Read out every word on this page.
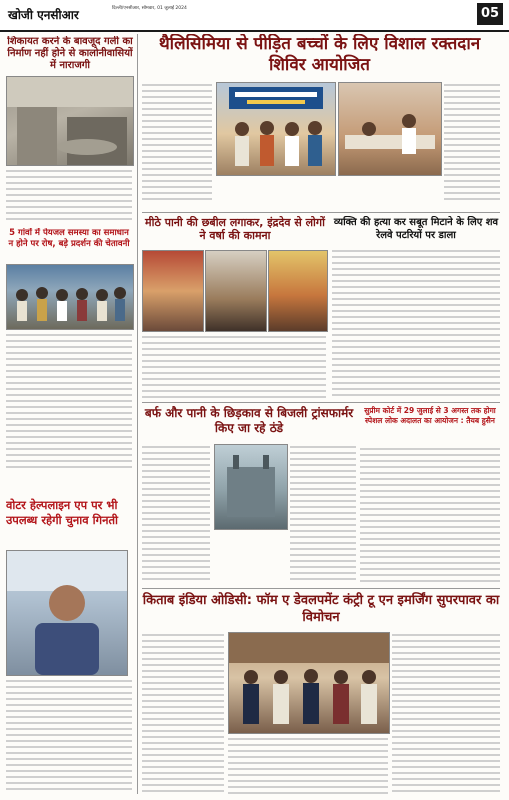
खोजी एनसीआर	दिल्ली/एनसीआर, सोमवार, 01 जुलाई 2024	05
शिकायत करने के बावजूद गली का निर्माण नहीं होने से कालोनीवासियों में नाराजगी
5 गांवों में पेयजल समस्या का समाधान न होने पर रोष, बड़े प्रदर्शन की चेतावनी
वोटर हेल्पलाइन एप पर भी उपलब्ध रहेगी चुनाव गिनती
थैलिसिमिया से पीड़ित बच्चों के लिए विशाल रक्तदान शिविर आयोजित
मीठे पानी की छबील लगाकर, इंद्रदेव से लोगों ने वर्षा की कामना
व्यक्ति की हत्या कर सबूत मिटाने के लिए शव रेलवे पटरियों पर डाला
बर्फ और पानी के छिड़काव से बिजली ट्रांसफार्मर किए जा रहे ठंडे
सुप्रीम कोर्ट में 29 जुलाई से 3 अगस्त तक होगा स्पेशल लोक अदालत का आयोजन : तैयब हुसैन
किताब इंडिया ओडिसी: फॉम ए डेवलपमेंट कंट्री टू एन इमर्जिंग सुपरपावर का विमोचन
